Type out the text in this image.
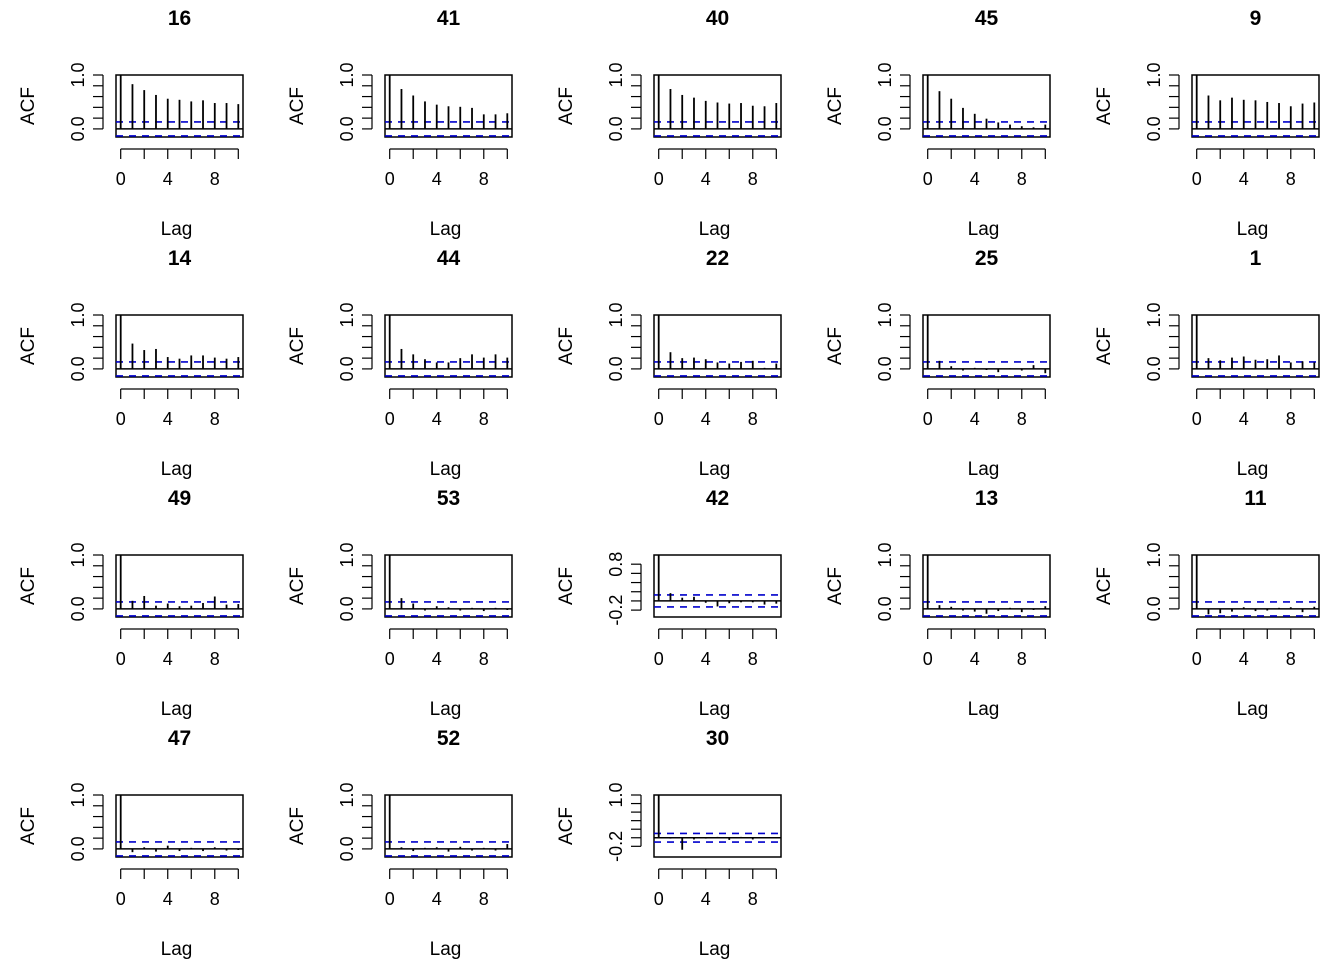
16
ACF
Lag
0.0
1.0
0 4 8
41
ACF
Lag
0.0
1.0
0 4 8
40
ACF
Lag
0.0
1.0
0 4 8
45
ACF
Lag
0.0
1.0
0 4 8
9
ACF
Lag
0.0
1.0
0 4 8
14
ACF
Lag
0.0
1.0
0 4 8
44
ACF
Lag
0.0
1.0
0 4 8
22
ACF
Lag
0.0
1.0
0 4 8
25
ACF
Lag
0.0
1.0
0 4 8
1
ACF
Lag
0.0
1.0
0 4 8
49
ACF
Lag
0.0
1.0
0 4 8
53
ACF
Lag
0.0
1.0
0 4 8
42
ACF
Lag
-0.2
0.8
0 4 8
13
ACF
Lag
0.0
1.0
0 4 8
11
ACF
Lag
0.0
1.0
0 4 8
47
ACF
Lag
0.0
1.0
0 4 8
52
ACF
Lag
0.0
1.0
0 4 8
30
ACF
Lag
-0.2
1.0
0 4 8
